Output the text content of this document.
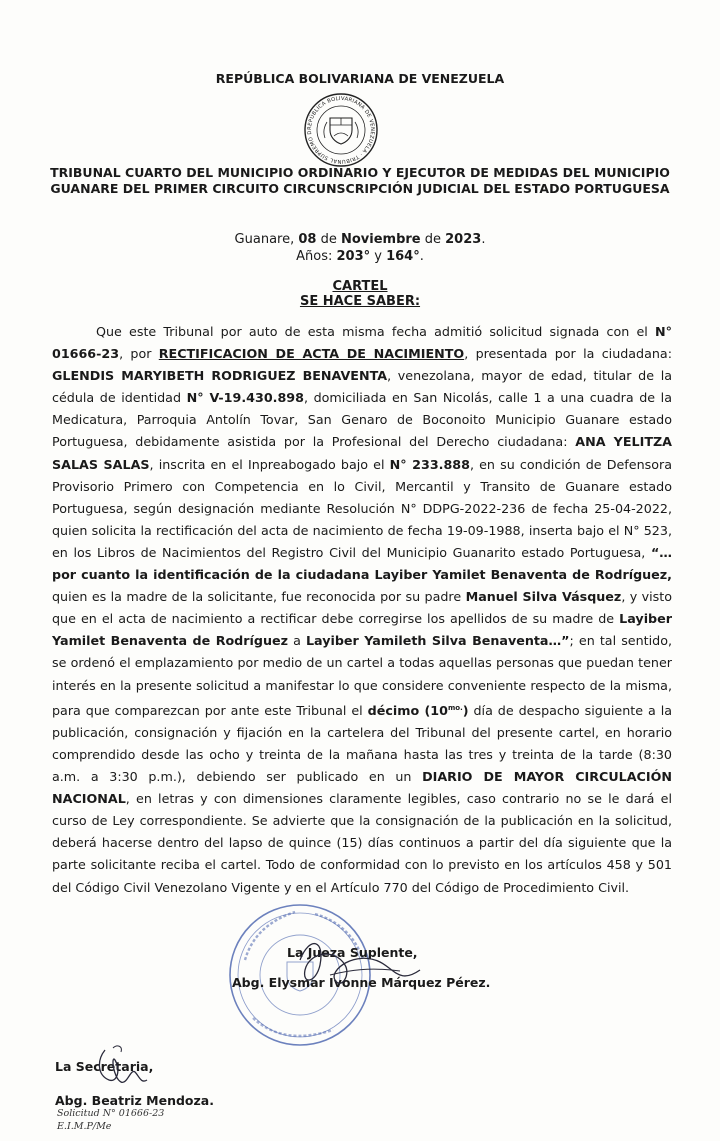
REPÚBLICA BOLIVARIANA DE VENEZUELA
REPÚBLICA BOLIVARIANA DE VENEZUELA · TRIBUNAL SUPREMO D
TRIBUNAL CUARTO DEL MUNICIPIO ORDINARIO Y EJECUTOR DE MEDIDAS DEL MUNICIPIO GUANARE DEL PRIMER CIRCUITO CIRCUNSCRIPCIÓN JUDICIAL DEL ESTADO PORTUGUESA
Guanare, 08 de Noviembre de 2023.
Años: 203° y 164°.
CARTEL
SE HACE SABER:
Que este Tribunal por auto de esta misma fecha admitió solicitud signada con el N° 01666-23, por RECTIFICACION DE ACTA DE NACIMIENTO, presentada por la ciudadana: GLENDIS MARYIBETH RODRIGUEZ BENAVENTA, venezolana, mayor de edad, titular de la cédula de identidad N° V-19.430.898, domiciliada en San Nicolás, calle 1 a una cuadra de la Medicatura, Parroquia Antolín Tovar, San Genaro de Boconoito Municipio Guanare estado Portuguesa, debidamente asistida por la Profesional del Derecho ciudadana: ANA YELITZA SALAS SALAS, inscrita en el Inpreabogado bajo el N° 233.888, en su condición de Defensora Provisorio Primero con Competencia en lo Civil, Mercantil y Transito de Guanare estado Portuguesa, según designación mediante Resolución N° DDPG-2022-236 de fecha 25-04-2022, quien solicita la rectificación del acta de nacimiento de fecha 19-09-1988, inserta bajo el N° 523, en los Libros de Nacimientos del Registro Civil del Municipio Guanarito estado Portuguesa, “…por cuanto la identificación de la ciudadana Layiber Yamilet Benaventa de Rodríguez, quien es la madre de la solicitante, fue reconocida por su padre Manuel Silva Vásquez, y visto que en el acta de nacimiento a rectificar debe corregirse los apellidos de su madre de Layiber Yamilet Benaventa de Rodríguez a Layiber Yamileth Silva Benaventa…”; en tal sentido, se ordenó el emplazamiento por medio de un cartel a todas aquellas personas que puedan tener interés en la presente solicitud a manifestar lo que considere conveniente respecto de la misma, para que comparezcan por ante este Tribunal el décimo $(10^{mo.})$ día de despacho siguiente a la publicación, consignación y fijación en la cartelera del Tribunal del presente cartel, en horario comprendido desde las ocho y treinta de la mañana hasta las tres y treinta de la tarde (8:30 a.m. a 3:30 p.m.), debiendo ser publicado en un DIARIO DE MAYOR CIRCULACIÓN NACIONAL, en letras y con dimensiones claramente legibles, caso contrario no se le dará el curso de Ley correspondiente. Se advierte que la consignación de la publicación en la solicitud, deberá hacerse dentro del lapso de quince (15) días continuos a partir del día siguiente que la parte solicitante reciba el cartel. Todo de conformidad con lo previsto en los artículos 458 y 501 del Código Civil Venezolano Vigente y en el Artículo 770 del Código de Procedimiento Civil.
La Jueza Suplente,
Abg. Elysmar Ivonne Márquez Pérez.
La Secretaria,
Abg. Beatriz Mendoza.
Solicitud N° 01666-23
E.I.M.P/Me
